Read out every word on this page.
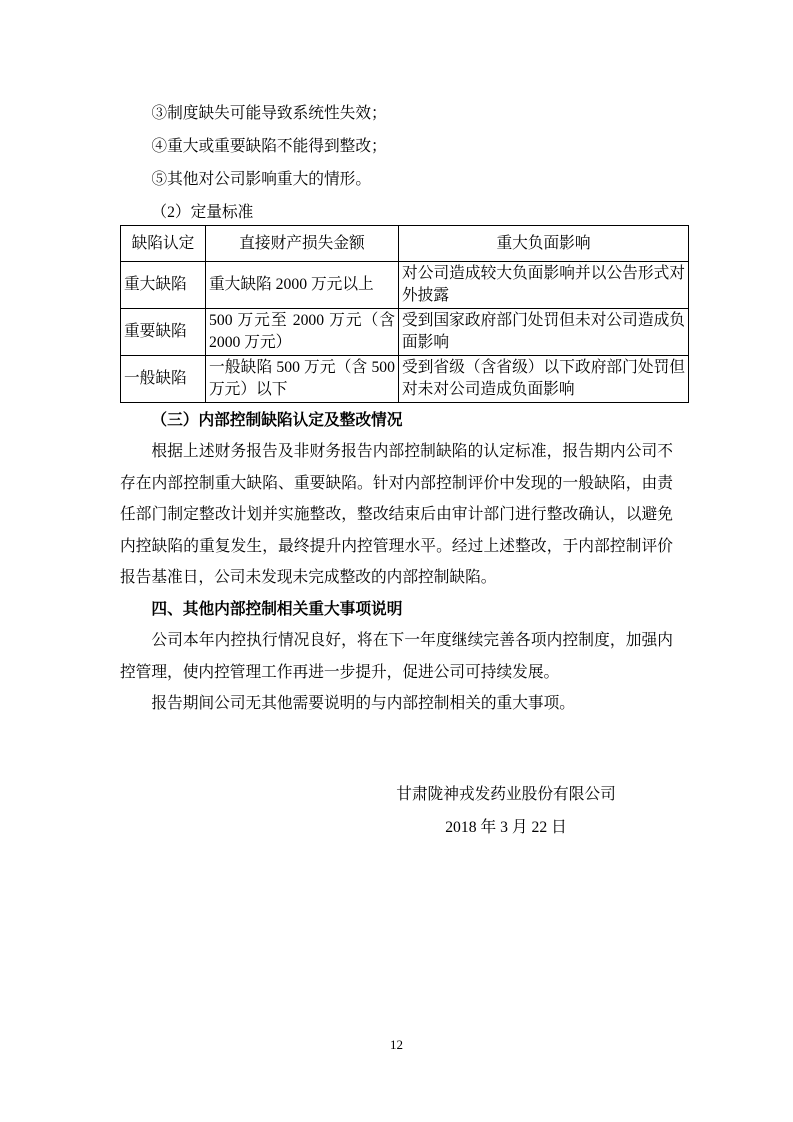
③制度缺失可能导致系统性失效；

④重大或重要缺陷不能得到整改；

⑤其他对公司影响重大的情形。

（2）定量标准

缺陷认定	直接财产损失金额	重大负面影响
重大缺陷	重大缺陷 2000 万元以上	对公司造成较大负面影响并以公告形式对外披露
重要缺陷	500 万元至 2000 万元（含 2000 万元）	受到国家政府部门处罚但未对公司造成负面影响
一般缺陷	一般缺陷 500 万元（含 500 万元）以下	受到省级（含省级）以下政府部门处罚但对未对公司造成负面影响

（三）内部控制缺陷认定及整改情况

根据上述财务报告及非财务报告内部控制缺陷的认定标准，报告期内公司不存在内部控制重大缺陷、重要缺陷。针对内部控制评价中发现的一般缺陷，由责任部门制定整改计划并实施整改，整改结束后由审计部门进行整改确认，以避免内控缺陷的重复发生，最终提升内控管理水平。经过上述整改，于内部控制评价报告基准日，公司未发现未完成整改的内部控制缺陷。

四、其他内部控制相关重大事项说明

公司本年内控执行情况良好，将在下一年度继续完善各项内控制度，加强内控管理，使内控管理工作再进一步提升，促进公司可持续发展。

报告期间公司无其他需要说明的与内部控制相关的重大事项。

甘肃陇神戎发药业股份有限公司

2018 年 3 月 22 日

12
